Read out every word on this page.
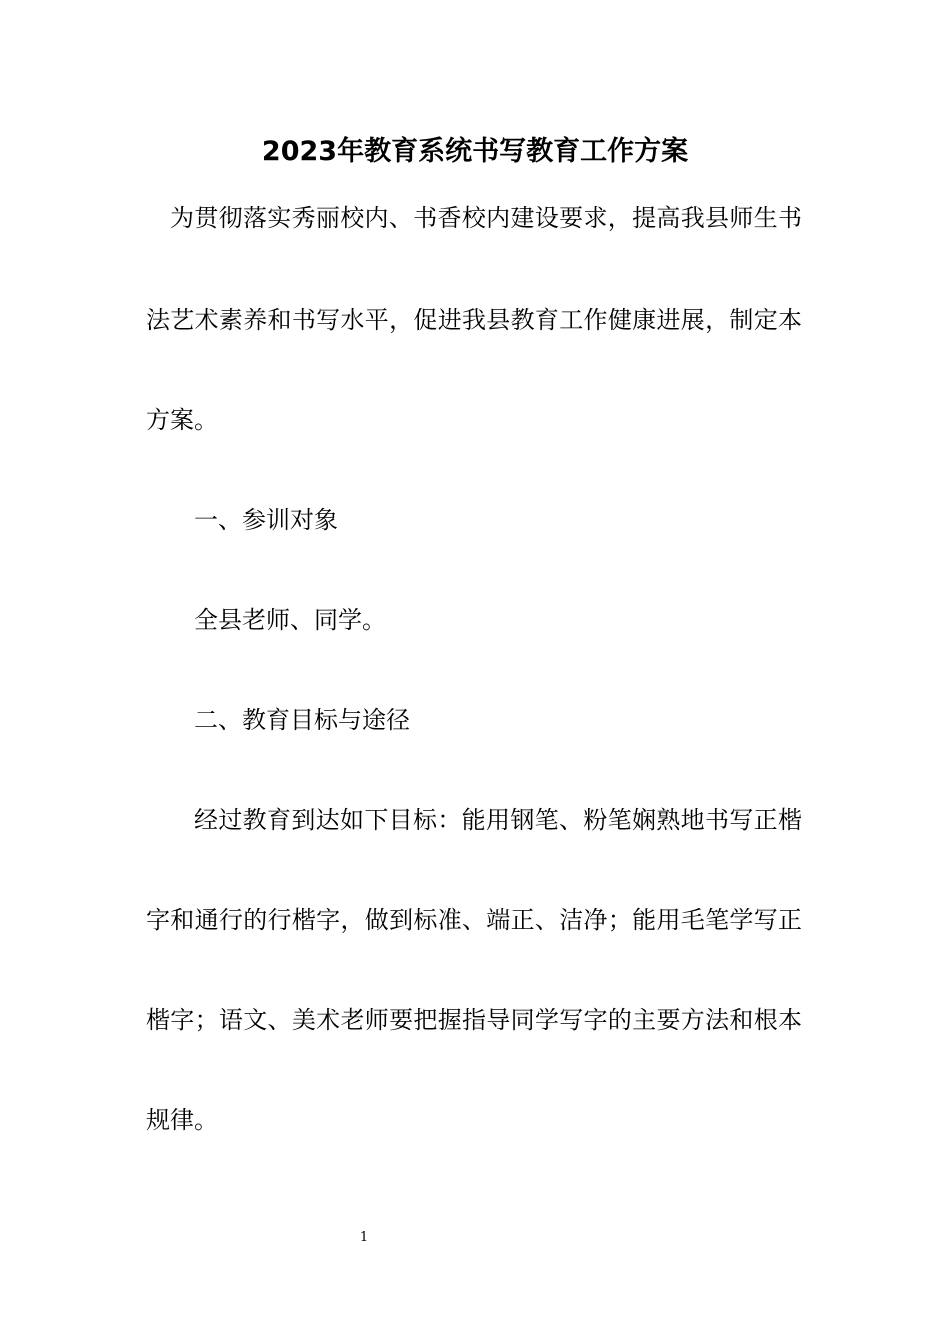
2023年教育系统书写教育工作方案

为贯彻落实秀丽校内、书香校内建设要求，提高我县师生书

法艺术素养和书写水平，促进我县教育工作健康进展，制定本

方案。

一、参训对象

全县老师、同学。

二、教育目标与途径

经过教育到达如下目标：能用钢笔、粉笔娴熟地书写正楷

字和通行的行楷字，做到标准、端正、洁净；能用毛笔学写正

楷字；语文、美术老师要把握指导同学写字的主要方法和根本

规律。

1
